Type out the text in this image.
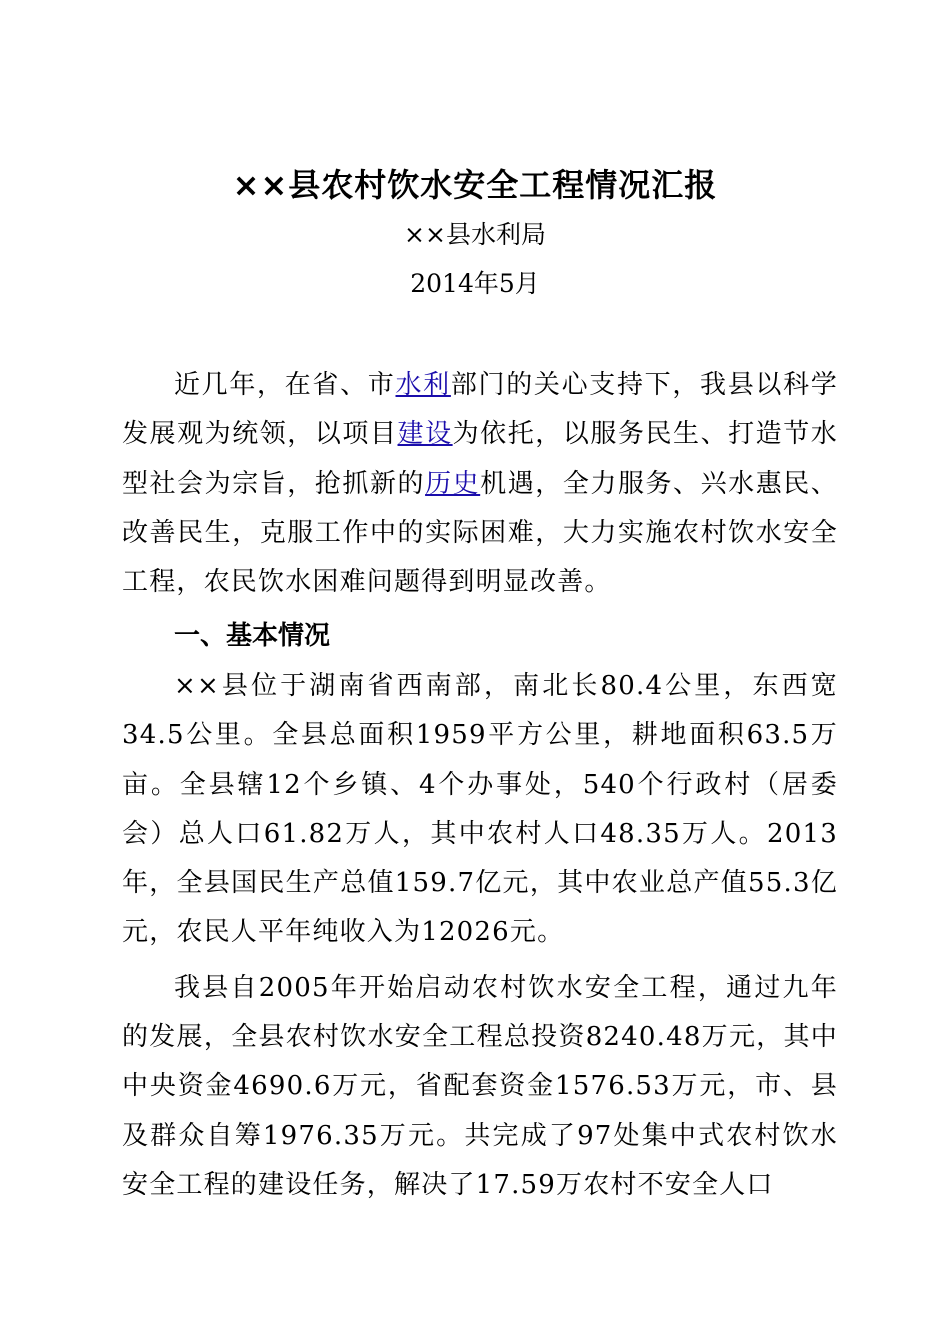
××县农村饮水安全工程情况汇报
××县水利局
2014年5月

近几年，在省、市水利部门的关心支持下，我县以科学发展观为统领，以项目建设为依托，以服务民生、打造节水型社会为宗旨，抢抓新的历史机遇，全力服务、兴水惠民、改善民生，克服工作中的实际困难，大力实施农村饮水安全工程，农民饮水困难问题得到明显改善。

一、基本情况

××县位于湖南省西南部，南北长80.4公里，东西宽34.5公里。全县总面积1959平方公里，耕地面积63.5万亩。全县辖12个乡镇、4个办事处，540个行政村（居委会）总人口61.82万人，其中农村人口48.35万人。2013年，全县国民生产总值159.7亿元，其中农业总产值55.3亿元，农民人平年纯收入为12026元。

我县自2005年开始启动农村饮水安全工程，通过九年的发展，全县农村饮水安全工程总投资8240.48万元，其中中央资金4690.6万元，省配套资金1576.53万元，市、县及群众自筹1976.35万元。共完成了97处集中式农村饮水安全工程的建设任务，解决了17.59万农村不安全人口
